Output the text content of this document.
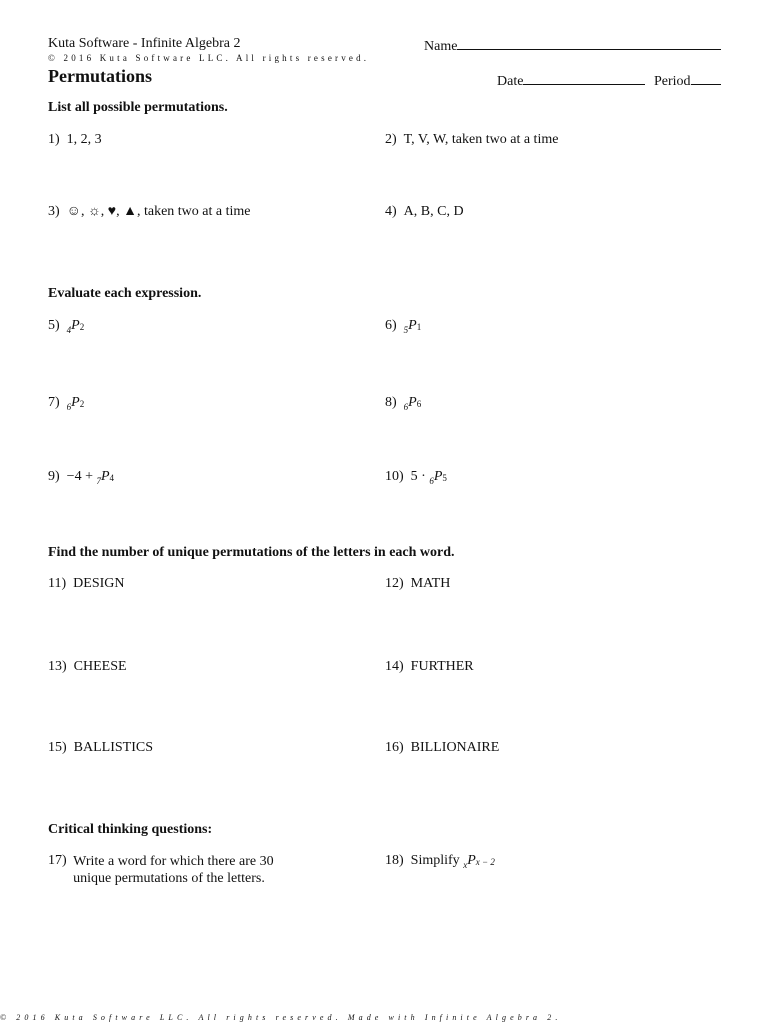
Kuta Software - Infinite Algebra 2	Name
© 2016 Kuta Software LLC. All rights reserved.
Permutations	Date	Period
List all possible permutations.
1) 1, 2, 3	2) T, V, W, taken two at a time
3) ☺, ☼, ♥, ▲, taken two at a time	4) A, B, C, D
Evaluate each expression.
5) $_4P_2$	6) $_5P_1$
7) $_6P_2$	8) $_6P_6$
$9) -4 + _7P_4$	10) $5 \cdot _6P_5$
Find the number of unique permutations of the letters in each word.
11) DESIGN	12) MATH
13) CHEESE	14) FURTHER
15) BALLISTICS	16) BILLIONAIRE
Critical thinking questions:
17) Write a word for which there are 30 unique permutations of the letters.
18) Simplify $_xP_{x - 2}$
© 2016 Kuta Software LLC. All rights reserved. Made with Infinite Algebra 2.
